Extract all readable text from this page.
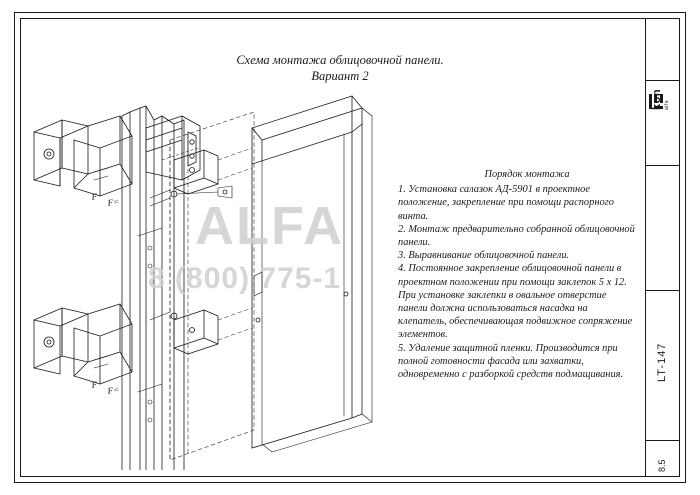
Схема монтажа облицовочной панели.
Вариант 2
F F=
F F=
ALFA
8 (800) 775-1
Порядок монтажа

1. Установка салазок АД-5901 в проектное положение, закрепление при помощи распорного винта.

2. Монтаж предварительно собранной облицовочной панели.

3. Выравнивание облицовочной панели.

4. Постоянное закрепление облицовочной панели в проектном положении при помощи заклепок 5 х 12. При установке заклепки в овальное отверстие панели должна использоваться насадка на клепатель, обеспечивающая подвижное сопряжение элементов.

5. Удаление защитной пленки. Производится при полной готовности фасада или захватки, одновременно с разборкой средств подмащивания.

kon alfa
LT-147
8.5
